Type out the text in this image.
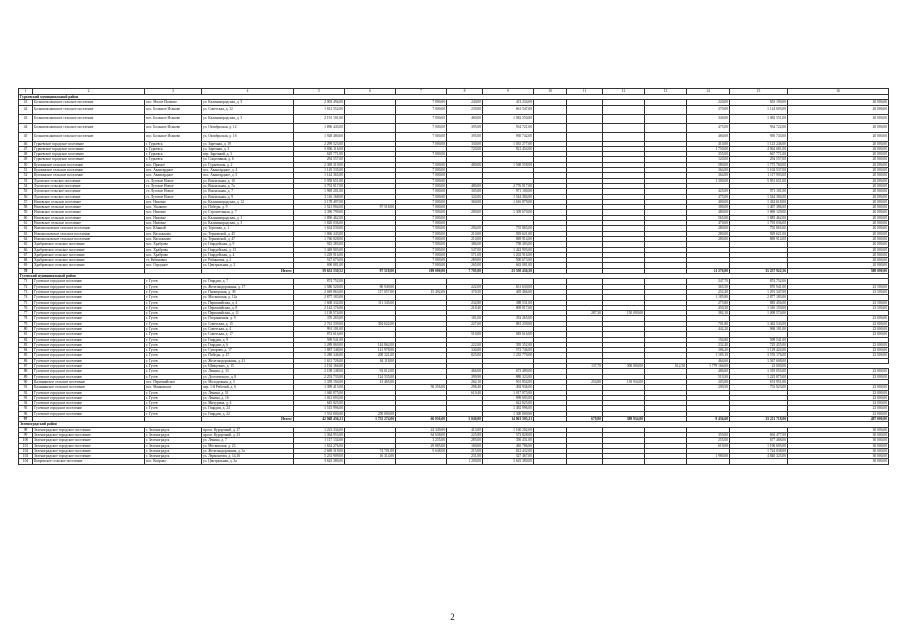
1	2	3	4	5	6	7	8	9	10	11	12	13	14	15	16
Гурьевский муниципальный район															
41	Большеисаковское сельское поселение	пос. Малое Исаково	ул. Калининградская, д. 5	2 003 494,00		7 000,00	240,00	413 234,00					220,00	653 190,00	20 000,00
42	Большеисаковское сельское поселение	пос. Большое Исаково	ул. Советская, д. 12	1 812 552,00		7 000,00	239,00	661 547,00					370,00	1 124 005,00	20 000,00
43	Большеисаковское сельское поселение	пос. Большое Исаково	ул. Калининградская, д. 5	2 191 101,00		7 000,00	460,00	1 082 550,00					340,00	1 082 551,00	20 000,00
44	Большеисаковское сельское поселение	пос. Большое Исаково	ул. Октябрьская, д. 12	1 896 443,00		7 000,00	395,00	934 721,00					475,00	934 722,00	20 000,00
45	Большеисаковское сельское поселение	пос. Большое Исаково	ул. Октябрьская, д. 16	1 928 480,00		7 000,00	395,00	950 742,00					460,00	950 743,00	20 000,00
46	Гурьевское городское поселение	г. Гурьевск	ул. Заречная, д. 19	2 299 523,00		7 000,00	330,00	1 035 277,00					410,00	1 123 246,00	20 000,00
47	Гурьевское городское поселение	г. Гурьевск	ул. Заречная, д. 3	5 006 116,00			720,00	921 454,00					1 750,00	4 064 681,00	20 000,00
48	Гурьевское городское поселение	г. Гурьевск	пер. Заречный, д. 3	629 771,00		7 000,00							355,00	667 771,00	20 000,00
49	Гурьевское городское поселение	г. Гурьевск	ул. Спортивная, д. 6	294 557,00									120,00	294 557,00	20 000,00
50	Купчинское сельское поселение	пос. Прямое	ул. Гурьевская, д. 2	2 369 319,00		7 000,00	400,00	1 568 558,00					580,00	1 775 760,00	20 000,00
51	Купчинское сельское поселение	пос. Авангардное	пос. Авангардное, д. 4	1 129 335,00		7 000,00							364,00	1 102 537,00	20 000,00
52	Купчинское сельское поселение	пос. Авангардное	пос. Авангардное, д. 5	1 144 365,00		7 000,00							364,00	1 117 903,00	20 000,00
53	Луговское сельское поселение	ст. Луговое Новое	ул. Вокзальная, д. 10	5 958 651,00		7 000,00							1 300,00	5 951 651,00	20 000,00
54	Луговское сельское поселение	ст. Луговое Новое	ул. Вокзальная, д. 7а	3 792 917,00		7 000,00	480,00	2 776 917,00							20 000,00
55	Луговское сельское поселение	ст. Луговое Новое	ул. Вокзальная, д. 7	1 969 201,00		7 000,00	305,00	971 100,00					425,00	971 101,00	20 000,00
56	Луговское сельское поселение	ст. Луговое Новое	ул. Вокзальная, д. 9	3 116 168,00		7 000,00	324,00	1 544 384,00					475,00	1 544 384,00	20 000,00
57	Низовское сельское поселение	пос. Низовье	ул. Калининградская, д. 12	3 178 497,00		7 000,00	360,00	1 616 879,00					400,00	1 434 618,00	20 000,00
58	Низовское сельское поселение	пос. Ушаково	ул. Победы, д. 9	1 521 904,00	97 518,00	7 000,00							380,00	1 407 386,00	20 000,00
59	Низовское сельское поселение	пос. Низовье	ул. Строительная, д. 7	3 396 799,00		7 000,00	280,00	1 309 670,00					480,00	1 869 129,00	20 000,00
60	Низовское сельское поселение	пос. Низовье	ул. Калининградская, д. 1	1 890 462,00		7 000,00							565,00	1 883 462,00	20 000,00
61	Низовское сельское поселение	пос. Низовье	ул. Калининградская, д. 3	1 820 036,00		7 000,00							470,00	1 793 036,00	20 000,00
62	Новомосковское сельское поселение	пос. Южный	ул. Торговая, д. 1	1 634 030,00		7 000,00	294,00	755 865,00					280,00	792 865,00	20 000,00
63	Новомосковское сельское поселение	пос. Васильково	ул. Терновской, д. 45	1 866 243,00		7 000,00	210,00	929 621,00					280,00	929 621,00	20 000,00
64	Новомосковское сельское поселение	пос. Васильково	ул. Терновской, д. 47	1 766 828,00		7 000,00	210,00	869 914,00					280,00	869 914,00	20 000,00
65	Храбровское сельское поселение	пос. Храброво	ул. Гвардейская, д. 9	925 383,00		7 000,00	386,00	798 383,00							20 000,00
66	Храбровское сельское поселение	пос. Храброво	ул. Гвардейская, д. 13	1 449 903,00		7 000,00	547,00	1 422 903,00							20 000,00
67	Храбровское сельское поселение	пос. Храброво	ул. Гвардейская, д. 4	1 229 916,00		7 000,00	571,00	1 202 916,00							20 000,00
68	Храбровское сельское поселение	ст. Рябиновка	ул. Рябиновая, д. 2	527 673,00		7 000,00	289,00	500 673,00							20 000,00
69	Храбровское сельское поселение	пос. Отрадное	ул. Центральная, д. 2	690 081,00		7 000,00	265,00	663 081,00							20 000,00
70			Итого:	59 652 530,52	97 518,00	189 000,00	7 705,00	23 550 436,50					11 276,00	35 237 922,56	580 000,00
Гусевский муниципальный район															
71	Гусевское городское поселение	г. Гусев	ул. Гвардии, д. 7	874 752,00									247,70	874 752,00	
72	Гусевское городское поселение	г. Гусев	ул. Железнодорожная, д. 17	1 586 520,00	80 949,00		222,00	631 630,00					365,50	870 941,00	23 500,00
73	Гусевское городское поселение	г. Гусев	ул. Пионерская, д. 39	2 049 863,00	117 057,00	15 492,00	370,50	405 466,00					252,40	1 291 347,00	23 500,00
74	Гусевское городское поселение	г. Гусев	ул. Московская, д. 12а	2 877 183,00									1 185,80	2 877 183,00	
75	Гусевское городское поселение	г. Гусев	ул. Первомайская, д. 4	1 608 332,00	111 345,00		232,80	388 531,00					275,80	883 456,00	23 500,00
76	Гусевское городское поселение	г. Гусев	ул. Первомайская, д. 8	2 142 176,00			218,40	809 017,00					450,30	1 310 159,00	23 500,00
77	Гусевское городское поселение	г. Гусев	ул. Первомайская, д. 11	1 138 574,00						287,30	150 000,00		382,10	1 008 574,00	
78	Гусевское городское поселение	г. Гусев	ул. Пограничная, д. 9	376 265,00			181,00	353 265,00							23 000,00
79	Гусевское городское поселение	г. Гусев	ул. Советская, д. 15	2 761 339,00	394 622,00		227,60	881 239,00					701,80	1 462 543,00	23 000,00
80	Гусевское городское поселение	г. Гусев	ул. Советская, д. 4	991 191,00									442,20	968 191,00	23 000,00
81	Гусевское городское поселение	г. Гусев	ул. Советская, д. 17	872 616,00			510,00	849 616,00							23 000,00
82	Гусевское городское поселение	г. Гусев	ул. Гвардии, д. 9	599 541,00									194,80	599 541,00	
83	Гусевское городское поселение	г. Гусев	ул. Гвардии, д. 6	1 289 069,00	144 862,00		222,00	395 352,00					232,40	725 455,00	23 000,00
84	Гусевское городское поселение	г. Гусев	ул. Суворова, д. 17	1 887 148,00	141 978,00		340,00	572 746,00					386,20	1 129 424,00	23 000,00
85	Гусевское городское поселение	г. Гусев	ул. Победы, д. 47	5 280 346,00	208 321,00		825,00	1 235 779,00					1 185,10	3 576 176,00	23 000,00
86	Гусевское городское поселение	г. Гусев	ул. Железнодорожная, д. 41	1 631 726,00	64 118,00								464,60	1 567 608,00	
87	Гусевское городское поселение	г. Гусев	ул. Шевцовых, д. 15	2 192 166,00						137,70	300 000,00	612,50	1 779 166,00	23 000,00	
88	Гусевское городское поселение	г. Гусев	ул. Ленина, д. 33	2 108 148,00	92 612,00		466,00	673 489,00					486,60	1 319 055,00	23 000,00
89	Гусевское городское поселение	г. Гусев	ул. Достоевского, д. 8	2 253 733,00	124 535,00		399,90	880 323,00					519,30	1 225 875,00	23 000,00
90	Калининское сельское поселение	пос. Первомайское	ул. Молодежная, д. 5	1 359 194,00	41 465,00		262,10	501 854,00		254,80	139 934,00		203,00	674 951,00	
91	Калининское сельское поселение	пос. Маяковское	пер. 1-й Рабочий, д. 6	1 399 415,00		50 356,00	296,40	492 936,00					290,50	733 923,00	23 000,00
92	Гусевское городское поселение	г. Гусев	ул. Ленина, д. 51	1 040 875,00			619,40	1 017 875,00							23 000,00
93	Гусевское городское поселение	г. Гусев	ул. Ленина, д. 16	1 021 693,00				998 693,00							23 000,00
94	Гусевское городское поселение	г. Гусев	ул. Мичурина, д. 4	645 825,00				622 825,00							23 000,00
95	Гусевское городское поселение	г. Гусев	ул. Гвардии, д. 24	1 515 996,00				1 492 996,00							23 000,00
96	Гусевское городское поселение	г. Гусев	ул. Гвардии, д. 22	1 552 000,00	250 000,00			1 300 000,00							23 000,00
97			Итого:	42 948 436,21	1 752 274,00	66 056,00	5 040,00	14 061 503,21		679,80	589 934,00		9 436,60	25 211 718,00	487 000,00
Зеленоградский район															
98	Зеленоградское городское поселение	г. Зеленоградск	просп. Курортный, д. 27	1 223 334,00		22 349,00	413,00	1 160 202,00							30 000,00
99	Зеленоградское городское поселение	г. Зеленоградск	просп. Курортный, д. 23	1 364 953,00		64 638,00	225,00	573 828,00					350,00	694 477,00	30 000,00
100	Зеленоградское городское поселение	г. Зеленоградск	ул. Ленина, д. 7	1 117 134,00		3 235,00	285,00	356 431,00					255,00	677 468,00	30 000,00
101	Зеленоградское городское поселение	г. Зеленоградск	ул. Московская, д. 23	1 632 276,00		29 885,00	160,00	465 786,00					619,00	1 106 605,00	30 000,00
102	Зеленоградское городское поселение	г. Зеленоградск	ул. Железнодорожная, д. 3а	2 669 319,00	74 701,00	9 648,00	215,00	812 432,00						1 724 038,00	30 000,00
103	Зеленоградское городское поселение	г. Зеленоградск	ул. Лермонтова, д. 14,16	5 233 909,00	16 314,00		231,00	327 467,00					1 980,00	4 840 325,00	30 000,00
104	Ковровское сельское поселение	пос. Коврово	ул. Центральная, д. 3а	3 625 380,00			1 200,00	3 625 380,00							30 000,00
2
